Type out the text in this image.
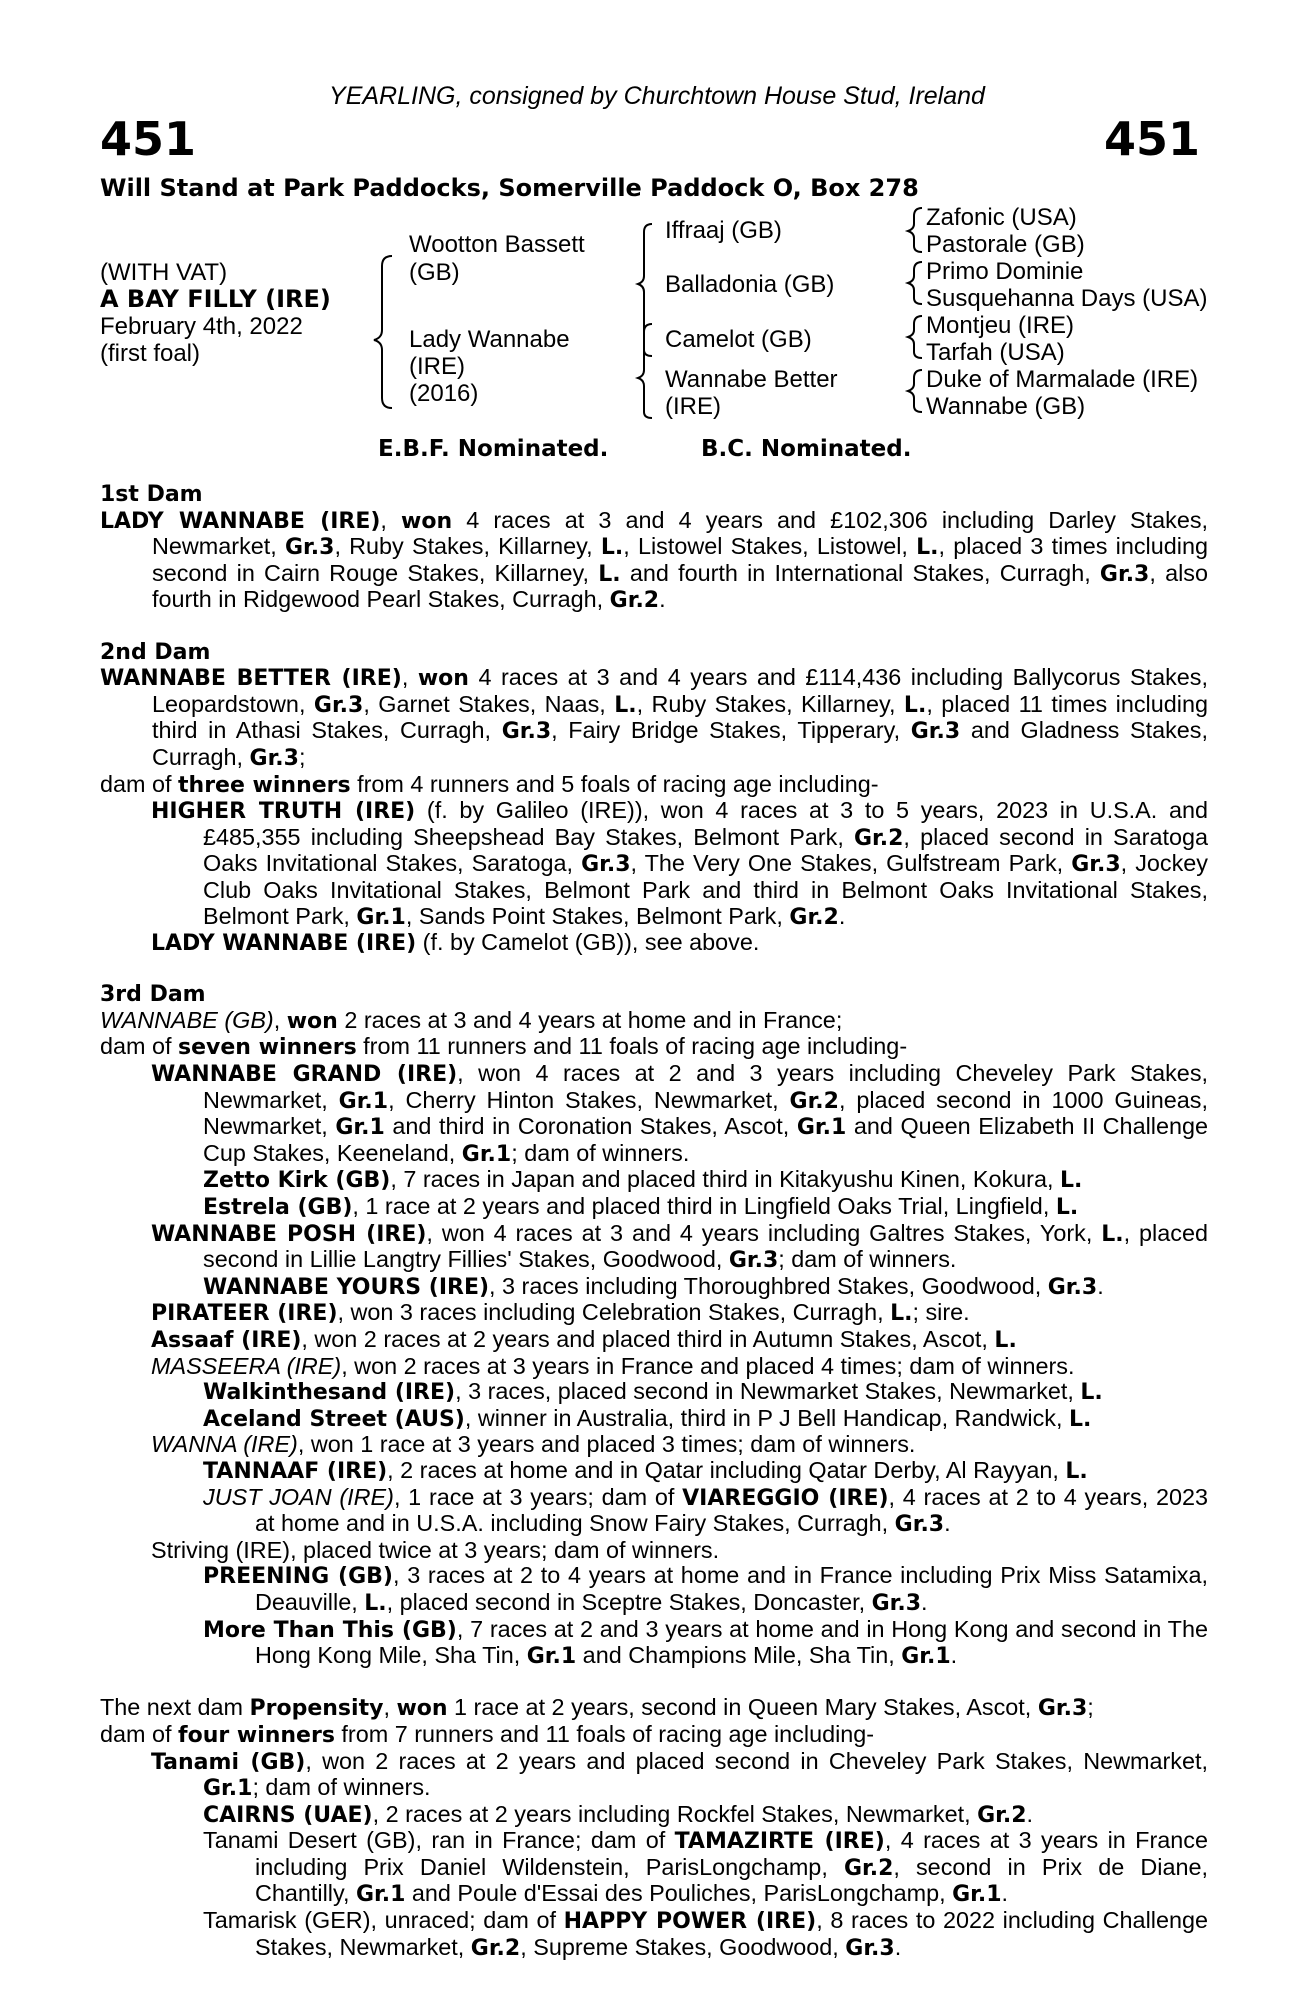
YEARLING, consigned by Churchtown House Stud, Ireland
451	451
Will Stand at Park Paddocks, Somerville Paddock O, Box 278
(WITH VAT)
A BAY FILLY (IRE)
February 4th, 2022
(first foal)
Wootton Bassett
(GB)
Lady Wannabe
(IRE)
(2016)
Iffraaj (GB)
Balladonia (GB)
Camelot (GB)
Wannabe Better
(IRE)
Zafonic (USA)
Pastorale (GB)
Primo Dominie
Susquehanna Days (USA)
Montjeu (IRE)
Tarfah (USA)
Duke of Marmalade (IRE)
Wannabe (GB)
E.B.F. Nominated.	B.C. Nominated.

1st Dam

LADY WANNABE (IRE), won 4 races at 3 and 4 years and £102,306 including Darley Stakes, Newmarket, Gr.3, Ruby Stakes, Killarney, L., Listowel Stakes, Listowel, L., placed 3 times including second in Cairn Rouge Stakes, Killarney, L. and fourth in International Stakes, Curragh, Gr.3, also fourth in Ridgewood Pearl Stakes, Curragh, Gr.2.

2nd Dam

WANNABE BETTER (IRE), won 4 races at 3 and 4 years and £114,436 including Ballycorus Stakes, Leopardstown, Gr.3, Garnet Stakes, Naas, L., Ruby Stakes, Killarney, L., placed 11 times including third in Athasi Stakes, Curragh, Gr.3, Fairy Bridge Stakes, Tipperary, Gr.3 and Gladness Stakes, Curragh, Gr.3;

dam of three winners from 4 runners and 5 foals of racing age including-

HIGHER TRUTH (IRE) (f. by Galileo (IRE)), won 4 races at 3 to 5 years, 2023 in U.S.A. and £485,355 including Sheepshead Bay Stakes, Belmont Park, Gr.2, placed second in Saratoga Oaks Invitational Stakes, Saratoga, Gr.3, The Very One Stakes, Gulfstream Park, Gr.3, Jockey Club Oaks Invitational Stakes, Belmont Park and third in Belmont Oaks Invitational Stakes, Belmont Park, Gr.1, Sands Point Stakes, Belmont Park, Gr.2.

LADY WANNABE (IRE) (f. by Camelot (GB)), see above.

3rd Dam

WANNABE (GB), won 2 races at 3 and 4 years at home and in France;

dam of seven winners from 11 runners and 11 foals of racing age including-

WANNABE GRAND (IRE), won 4 races at 2 and 3 years including Cheveley Park Stakes, Newmarket, Gr.1, Cherry Hinton Stakes, Newmarket, Gr.2, placed second in 1000 Guineas, Newmarket, Gr.1 and third in Coronation Stakes, Ascot, Gr.1 and Queen Elizabeth II Challenge Cup Stakes, Keeneland, Gr.1; dam of winners.

Zetto Kirk (GB), 7 races in Japan and placed third in Kitakyushu Kinen, Kokura, L.

Estrela (GB), 1 race at 2 years and placed third in Lingfield Oaks Trial, Lingfield, L.

WANNABE POSH (IRE), won 4 races at 3 and 4 years including Galtres Stakes, York, L., placed second in Lillie Langtry Fillies' Stakes, Goodwood, Gr.3; dam of winners.

WANNABE YOURS (IRE), 3 races including Thoroughbred Stakes, Goodwood, Gr.3.

PIRATEER (IRE), won 3 races including Celebration Stakes, Curragh, L.; sire.

Assaaf (IRE), won 2 races at 2 years and placed third in Autumn Stakes, Ascot, L.

MASSEERA (IRE), won 2 races at 3 years in France and placed 4 times; dam of winners.

Walkinthesand (IRE), 3 races, placed second in Newmarket Stakes, Newmarket, L.

Aceland Street (AUS), winner in Australia, third in P J Bell Handicap, Randwick, L.

WANNA (IRE), won 1 race at 3 years and placed 3 times; dam of winners.

TANNAAF (IRE), 2 races at home and in Qatar including Qatar Derby, Al Rayyan, L.

JUST JOAN (IRE), 1 race at 3 years; dam of VIAREGGIO (IRE), 4 races at 2 to 4 years, 2023 at home and in U.S.A. including Snow Fairy Stakes, Curragh, Gr.3.

Striving (IRE), placed twice at 3 years; dam of winners.

PREENING (GB), 3 races at 2 to 4 years at home and in France including Prix Miss Satamixa, Deauville, L., placed second in Sceptre Stakes, Doncaster, Gr.3.

More Than This (GB), 7 races at 2 and 3 years at home and in Hong Kong and second in The Hong Kong Mile, Sha Tin, Gr.1 and Champions Mile, Sha Tin, Gr.1.

The next dam Propensity, won 1 race at 2 years, second in Queen Mary Stakes, Ascot, Gr.3;

dam of four winners from 7 runners and 11 foals of racing age including-

Tanami (GB), won 2 races at 2 years and placed second in Cheveley Park Stakes, Newmarket, Gr.1; dam of winners.

CAIRNS (UAE), 2 races at 2 years including Rockfel Stakes, Newmarket, Gr.2.

Tanami Desert (GB), ran in France; dam of TAMAZIRTE (IRE), 4 races at 3 years in France including Prix Daniel Wildenstein, ParisLongchamp, Gr.2, second in Prix de Diane, Chantilly, Gr.1 and Poule d'Essai des Pouliches, ParisLongchamp, Gr.1.

Tamarisk (GER), unraced; dam of HAPPY POWER (IRE), 8 races to 2022 including Challenge Stakes, Newmarket, Gr.2, Supreme Stakes, Goodwood, Gr.3.
